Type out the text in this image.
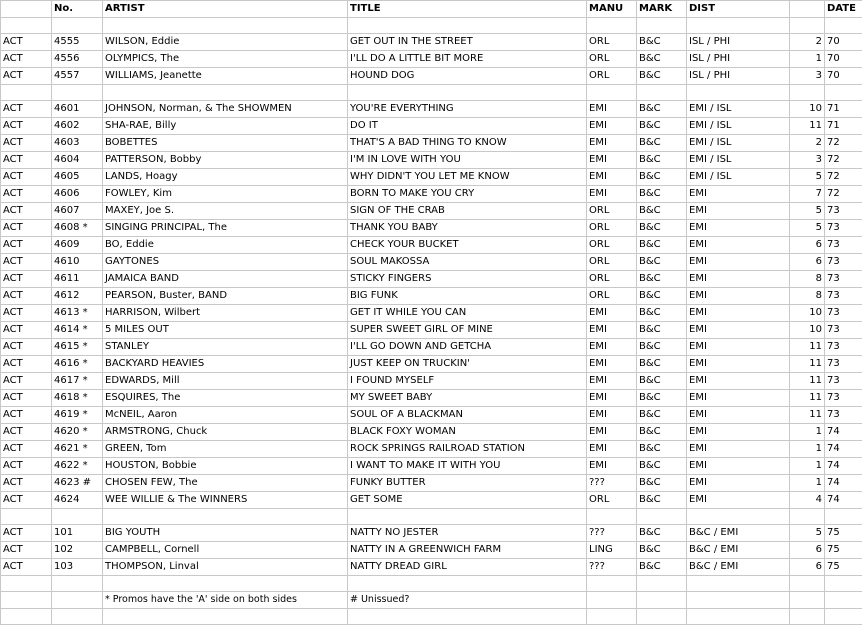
	No.	ARTIST	TITLE	MANU	MARK	DIST		DATE

ACT	4555	WILSON, Eddie	GET OUT IN THE STREET	ORL	B&C	ISL / PHI	2	70
ACT	4556	OLYMPICS, The	I'LL DO A LITTLE BIT MORE	ORL	B&C	ISL / PHI	1	70
ACT	4557	WILLIAMS, Jeanette	HOUND DOG	ORL	B&C	ISL / PHI	3	70

ACT	4601	JOHNSON, Norman, & The SHOWMEN	YOU'RE EVERYTHING	EMI	B&C	EMI / ISL	10	71
ACT	4602	SHA-RAE, Billy	DO IT	EMI	B&C	EMI / ISL	11	71
ACT	4603	BOBETTES	THAT'S A BAD THING TO KNOW	EMI	B&C	EMI / ISL	2	72
ACT	4604	PATTERSON, Bobby	I'M IN LOVE WITH YOU	EMI	B&C	EMI / ISL	3	72
ACT	4605	LANDS, Hoagy	WHY DIDN'T YOU LET ME KNOW	EMI	B&C	EMI / ISL	5	72
ACT	4606	FOWLEY, Kim	BORN TO MAKE YOU CRY	EMI	B&C	EMI	7	72
ACT	4607	MAXEY, Joe S.	SIGN OF THE CRAB	ORL	B&C	EMI	5	73
ACT	4608 *	SINGING PRINCIPAL, The	THANK YOU BABY	ORL	B&C	EMI	5	73
ACT	4609	BO, Eddie	CHECK YOUR BUCKET	ORL	B&C	EMI	6	73
ACT	4610	GAYTONES	SOUL MAKOSSA	ORL	B&C	EMI	6	73
ACT	4611	JAMAICA BAND	STICKY FINGERS	ORL	B&C	EMI	8	73
ACT	4612	PEARSON, Buster, BAND	BIG FUNK	ORL	B&C	EMI	8	73
ACT	4613 *	HARRISON, Wilbert	GET IT WHILE YOU CAN	EMI	B&C	EMI	10	73
ACT	4614 *	5 MILES OUT	SUPER SWEET GIRL OF MINE	EMI	B&C	EMI	10	73
ACT	4615 *	STANLEY	I'LL GO DOWN AND GETCHA	EMI	B&C	EMI	11	73
ACT	4616 *	BACKYARD HEAVIES	JUST KEEP ON TRUCKIN'	EMI	B&C	EMI	11	73
ACT	4617 *	EDWARDS, Mill	I FOUND MYSELF	EMI	B&C	EMI	11	73
ACT	4618 *	ESQUIRES, The	MY SWEET BABY	EMI	B&C	EMI	11	73
ACT	4619 *	McNEIL, Aaron	SOUL OF A BLACKMAN	EMI	B&C	EMI	11	73
ACT	4620 *	ARMSTRONG, Chuck	BLACK FOXY WOMAN	EMI	B&C	EMI	1	74
ACT	4621 *	GREEN, Tom	ROCK SPRINGS RAILROAD STATION	EMI	B&C	EMI	1	74
ACT	4622 *	HOUSTON, Bobbie	I WANT TO MAKE IT WITH YOU	EMI	B&C	EMI	1	74
ACT	4623 #	CHOSEN FEW, The	FUNKY BUTTER	???	B&C	EMI	1	74
ACT	4624	WEE WILLIE & The WINNERS	GET SOME	ORL	B&C	EMI	4	74

ACT	101	BIG YOUTH	NATTY NO JESTER	???	B&C	B&C / EMI	5	75
ACT	102	CAMPBELL, Cornell	NATTY IN A GREENWICH FARM	LING	B&C	B&C / EMI	6	75
ACT	103	THOMPSON, Linval	NATTY DREAD GIRL	???	B&C	B&C / EMI	6	75

		* Promos have the 'A' side on both sides	# Unissued?					
